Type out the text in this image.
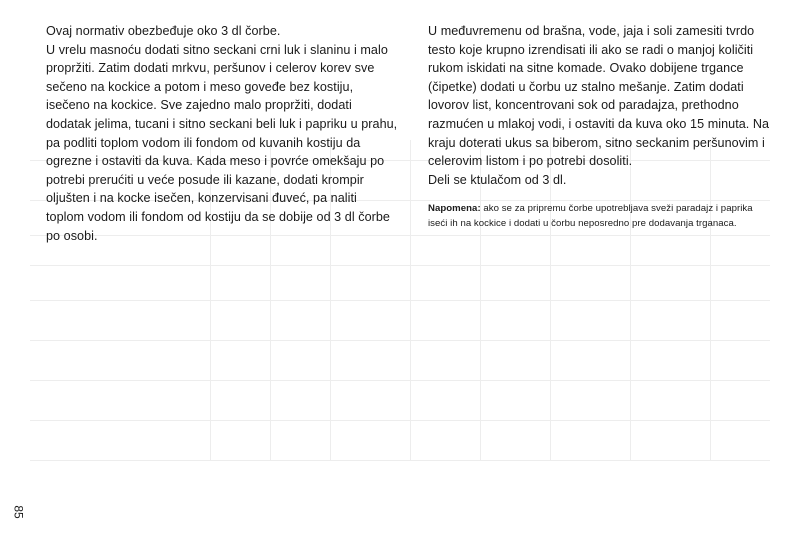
Ovaj normativ obezbeđuje oko 3 dl čorbe.

U vrelu masnoću dodati sitno seckani crni luk i slaninu i malo propržiti. Zatim dodati mrkvu, peršunov i celerov korev sve sečeno na kockice a potom i meso goveđe bez kostiju, isečeno na kockice. Sve zajedno malo propržiti, dodati dodatak jelima, tucani i sitno seckani beli luk i papriku u prahu, pa podliti toplom vodom ili fondom od kuvanih kostiju da ogrezne i ostaviti da kuva. Kada meso i povrće omekšaju po potrebi prerućiti u veće posude ili kazane, dodati krompir oljušten i na kocke isečen, konzervisani đuveć, pa naliti toplom vodom ili fondom od kostiju da se dobije od 3 dl čorbe po osobi.

U međuvremenu od brašna, vode, jaja i soli zamesiti tvrdo testo koje krupno izrendisati ili ako se radi o manjoj količiti rukom iskidati na sitne komade. Ovako dobijene trgance (čipetke) dodati u čorbu uz stalno mešanje. Zatim dodati lovorov list, koncentrovani sok od paradajza, prethodno razmućen u mlakoj vodi, i ostaviti da kuva oko 15 minuta. Na kraju doterati ukus sa biberom, sitno seckanim peršunovim i celerovim listom i po potrebi dosoliti.

Deli se ktulačom od 3 dl.

Napomena: ako se za pripremu čorbe upotrebljava sveži paradajz i paprika iseći ih na kockice i dodati u čorbu neposredno pre dodavanja trganaca.

85
